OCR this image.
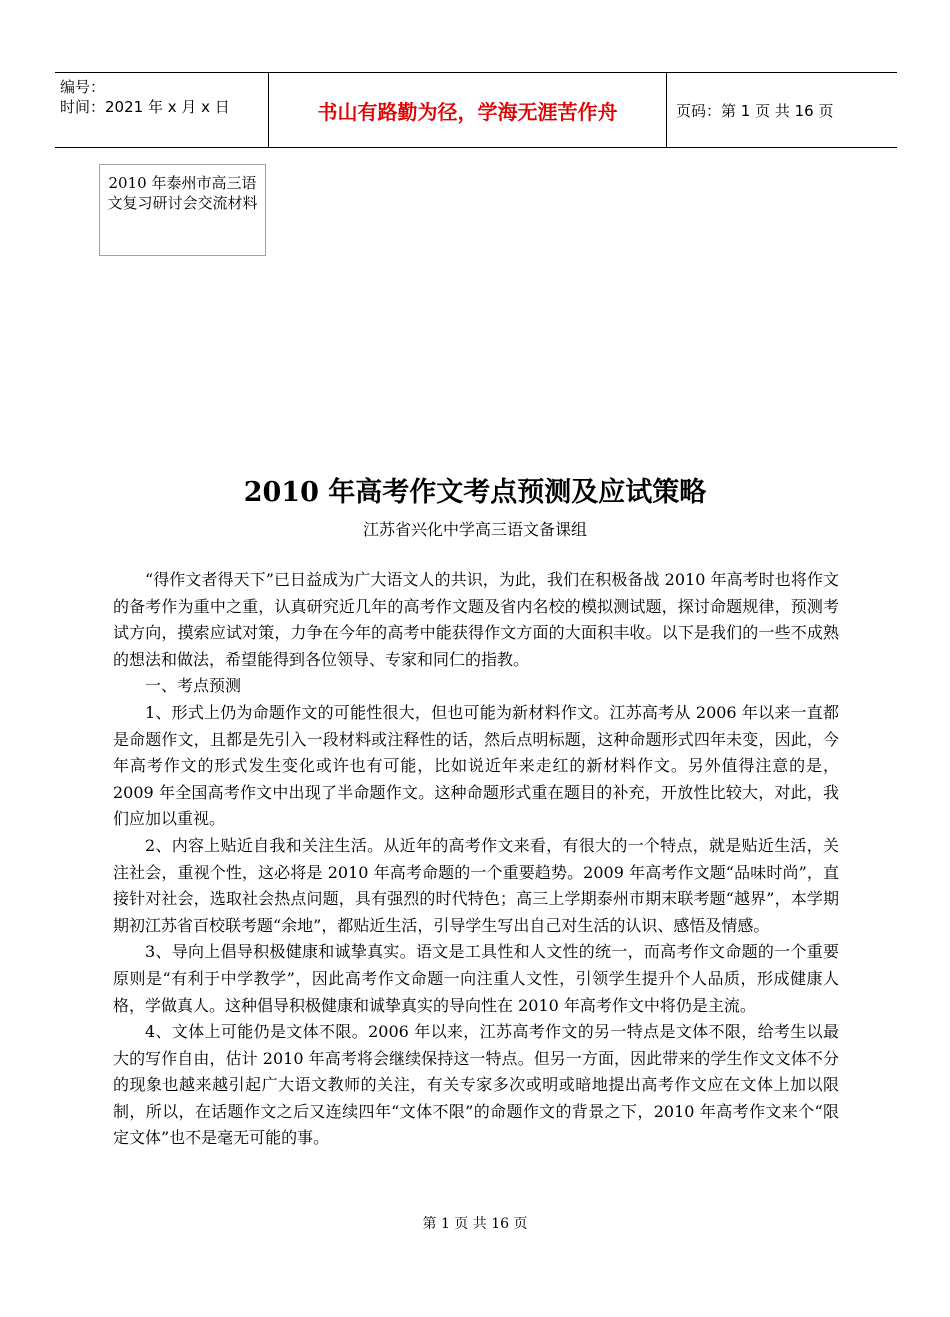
编号：
时间：2021 年 x 月 x 日	书山有路勤为径，学海无涯苦作舟	页码：第 1 页 共 16 页
2010 年泰州市高三语文复习研讨会交流材料
2010 年高考作文考点预测及应试策略
江苏省兴化中学高三语文备课组

“得作文者得天下”已日益成为广大语文人的共识，为此，我们在积极备战 2010 年高考时也将作文的备考作为重中之重，认真研究近几年的高考作文题及省内名校的模拟测试题，探讨命题规律，预测考试方向，摸索应试对策，力争在今年的高考中能获得作文方面的大面积丰收。以下是我们的一些不成熟的想法和做法，希望能得到各位领导、专家和同仁的指教。

一、考点预测

1、形式上仍为命题作文的可能性很大，但也可能为新材料作文。江苏高考从 2006 年以来一直都是命题作文，且都是先引入一段材料或注释性的话，然后点明标题，这种命题形式四年未变，因此，今年高考作文的形式发生变化或许也有可能，比如说近年来走红的新材料作文。另外值得注意的是，2009 年全国高考作文中出现了半命题作文。这种命题形式重在题目的补充，开放性比较大，对此，我们应加以重视。

2、内容上贴近自我和关注生活。从近年的高考作文来看，有很大的一个特点，就是贴近生活，关注社会，重视个性，这必将是 2010 年高考命题的一个重要趋势。2009 年高考作文题“品味时尚”，直接针对社会，选取社会热点问题，具有强烈的时代特色；高三上学期泰州市期末联考题“越界”，本学期期初江苏省百校联考题“余地”，都贴近生活，引导学生写出自己对生活的认识、感悟及情感。

3、导向上倡导积极健康和诚挚真实。语文是工具性和人文性的统一，而高考作文命题的一个重要原则是“有利于中学教学”，因此高考作文命题一向注重人文性，引领学生提升个人品质，形成健康人格，学做真人。这种倡导积极健康和诚挚真实的导向性在 2010 年高考作文中将仍是主流。

4、文体上可能仍是文体不限。2006 年以来，江苏高考作文的另一特点是文体不限，给考生以最大的写作自由，估计 2010 年高考将会继续保持这一特点。但另一方面，因此带来的学生作文文体不分的现象也越来越引起广大语文教师的关注，有关专家多次或明或暗地提出高考作文应在文体上加以限制，所以，在话题作文之后又连续四年“文体不限”的命题作文的背景之下，2010 年高考作文来个“限定文体”也不是毫无可能的事。

第 1 页 共 16 页
